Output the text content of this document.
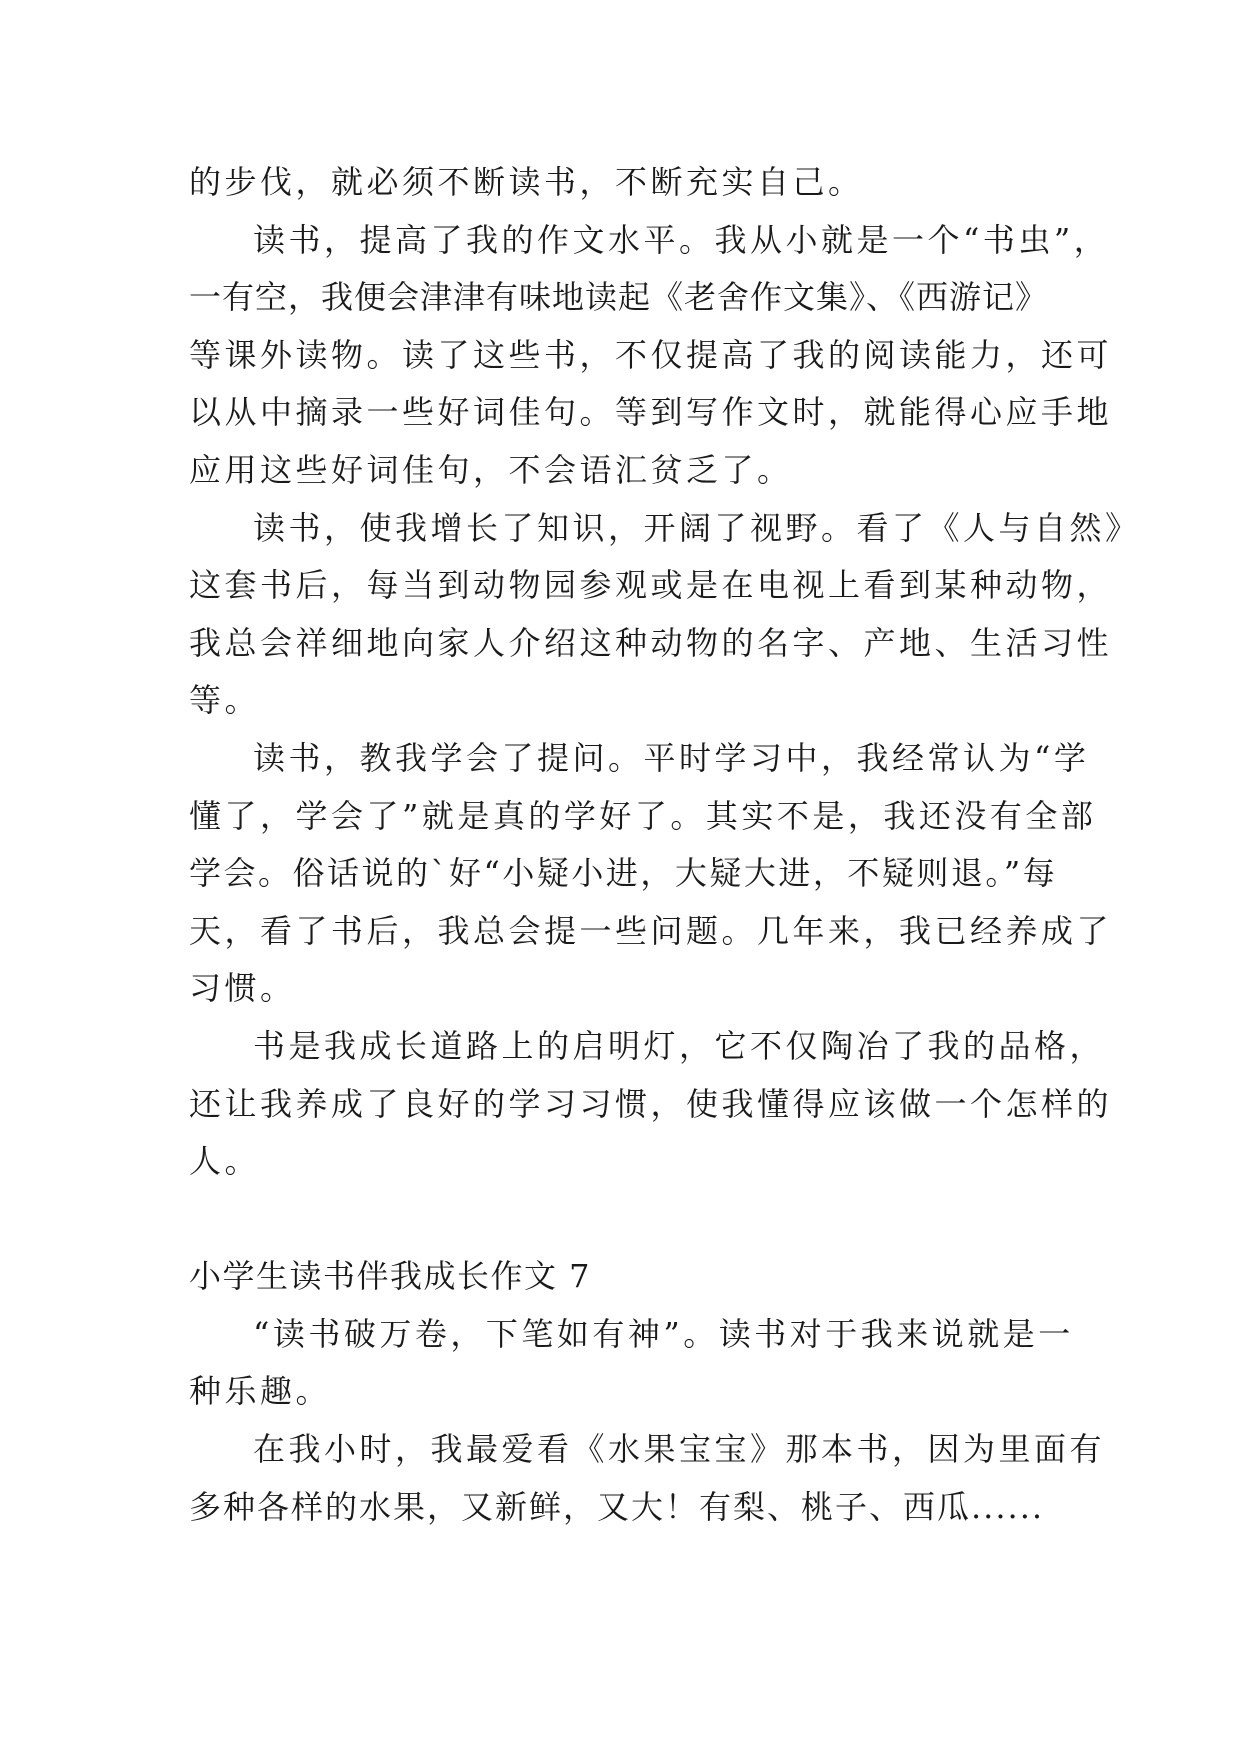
的步伐，就必须不断读书，不断充实自己。
读书，提高了我的作文水平。我从小就是一个“书虫”，
一有空，我便会津津有味地读起《老舍作文集》、《西游记》
等课外读物。读了这些书，不仅提高了我的阅读能力，还可
以从中摘录一些好词佳句。等到写作文时，就能得心应手地
应用这些好词佳句，不会语汇贫乏了。
读书，使我增长了知识，开阔了视野。看了《人与自然》
这套书后，每当到动物园参观或是在电视上看到某种动物，
我总会祥细地向家人介绍这种动物的名字、产地、生活习性
等。
读书，教我学会了提问。平时学习中，我经常认为“学
懂了，学会了”就是真的学好了。其实不是，我还没有全部
学会。俗话说的`好“小疑小进，大疑大进，不疑则退。”每
天，看了书后，我总会提一些问题。几年来，我已经养成了
习惯。
书是我成长道路上的启明灯，它不仅陶冶了我的品格，
还让我养成了良好的学习习惯，使我懂得应该做一个怎样的
人。
小学生读书伴我成长作文 7
“读书破万卷，下笔如有神”。读书对于我来说就是一
种乐趣。
在我小时，我最爱看《水果宝宝》那本书，因为里面有
多种各样的水果，又新鲜，又大！有梨、桃子、西瓜......
